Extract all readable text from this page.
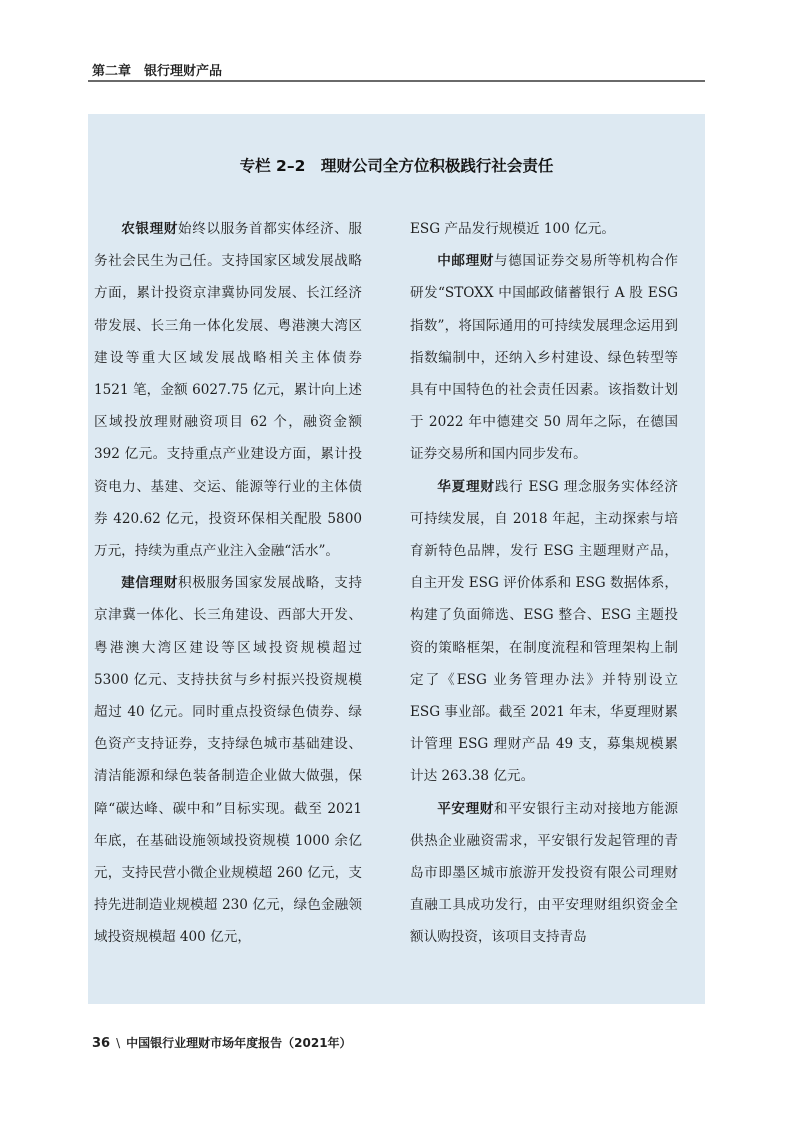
第二章　银行理财产品
专栏 2–2　理财公司全方位积极践行社会责任

农银理财始终以服务首都实体经济、服务社会民生为己任。支持国家区域发展战略方面，累计投资京津冀协同发展、长江经济带发展、长三角一体化发展、粤港澳大湾区建设等重大区域发展战略相关主体债券 1521 笔，金额 6027.75 亿元，累计向上述区域投放理财融资项目 62 个，融资金额 392 亿元。支持重点产业建设方面，累计投资电力、基建、交运、能源等行业的主体债券 420.62 亿元，投资环保相关配股 5800 万元，持续为重点产业注入金融“活水”。

建信理财积极服务国家发展战略，支持京津冀一体化、长三角建设、西部大开发、粤港澳大湾区建设等区域投资规模超过 5300 亿元、支持扶贫与乡村振兴投资规模超过 40 亿元。同时重点投资绿色债券、绿色资产支持证券，支持绿色城市基础建设、清洁能源和绿色装备制造企业做大做强，保障“碳达峰、碳中和”目标实现。截至 2021 年底，在基础设施领域投资规模 1000 余亿元，支持民营小微企业规模超 260 亿元，支持先进制造业规模超 230 亿元，绿色金融领域投资规模超 400 亿元，

ESG 产品发行规模近 100 亿元。

中邮理财与德国证券交易所等机构合作研发“STOXX 中国邮政储蓄银行 A 股 ESG 指数”，将国际通用的可持续发展理念运用到指数编制中，还纳入乡村建设、绿色转型等具有中国特色的社会责任因素。该指数计划于 2022 年中德建交 50 周年之际，在德国证券交易所和国内同步发布。

华夏理财践行 ESG 理念服务实体经济可持续发展，自 2018 年起，主动探索与培育新特色品牌，发行 ESG 主题理财产品，自主开发 ESG 评价体系和 ESG 数据体系，构建了负面筛选、ESG 整合、ESG 主题投资的策略框架，在制度流程和管理架构上制定了《ESG 业务管理办法》并特别设立 ESG 事业部。截至 2021 年末，华夏理财累计管理 ESG 理财产品 49 支，募集规模累计达 263.38 亿元。

平安理财和平安银行主动对接地方能源供热企业融资需求，平安银行发起管理的青岛市即墨区城市旅游开发投资有限公司理财直融工具成功发行，由平安理财组织资金全额认购投资，该项目支持青岛

36 \ 中国银行业理财市场年度报告（2021年）
